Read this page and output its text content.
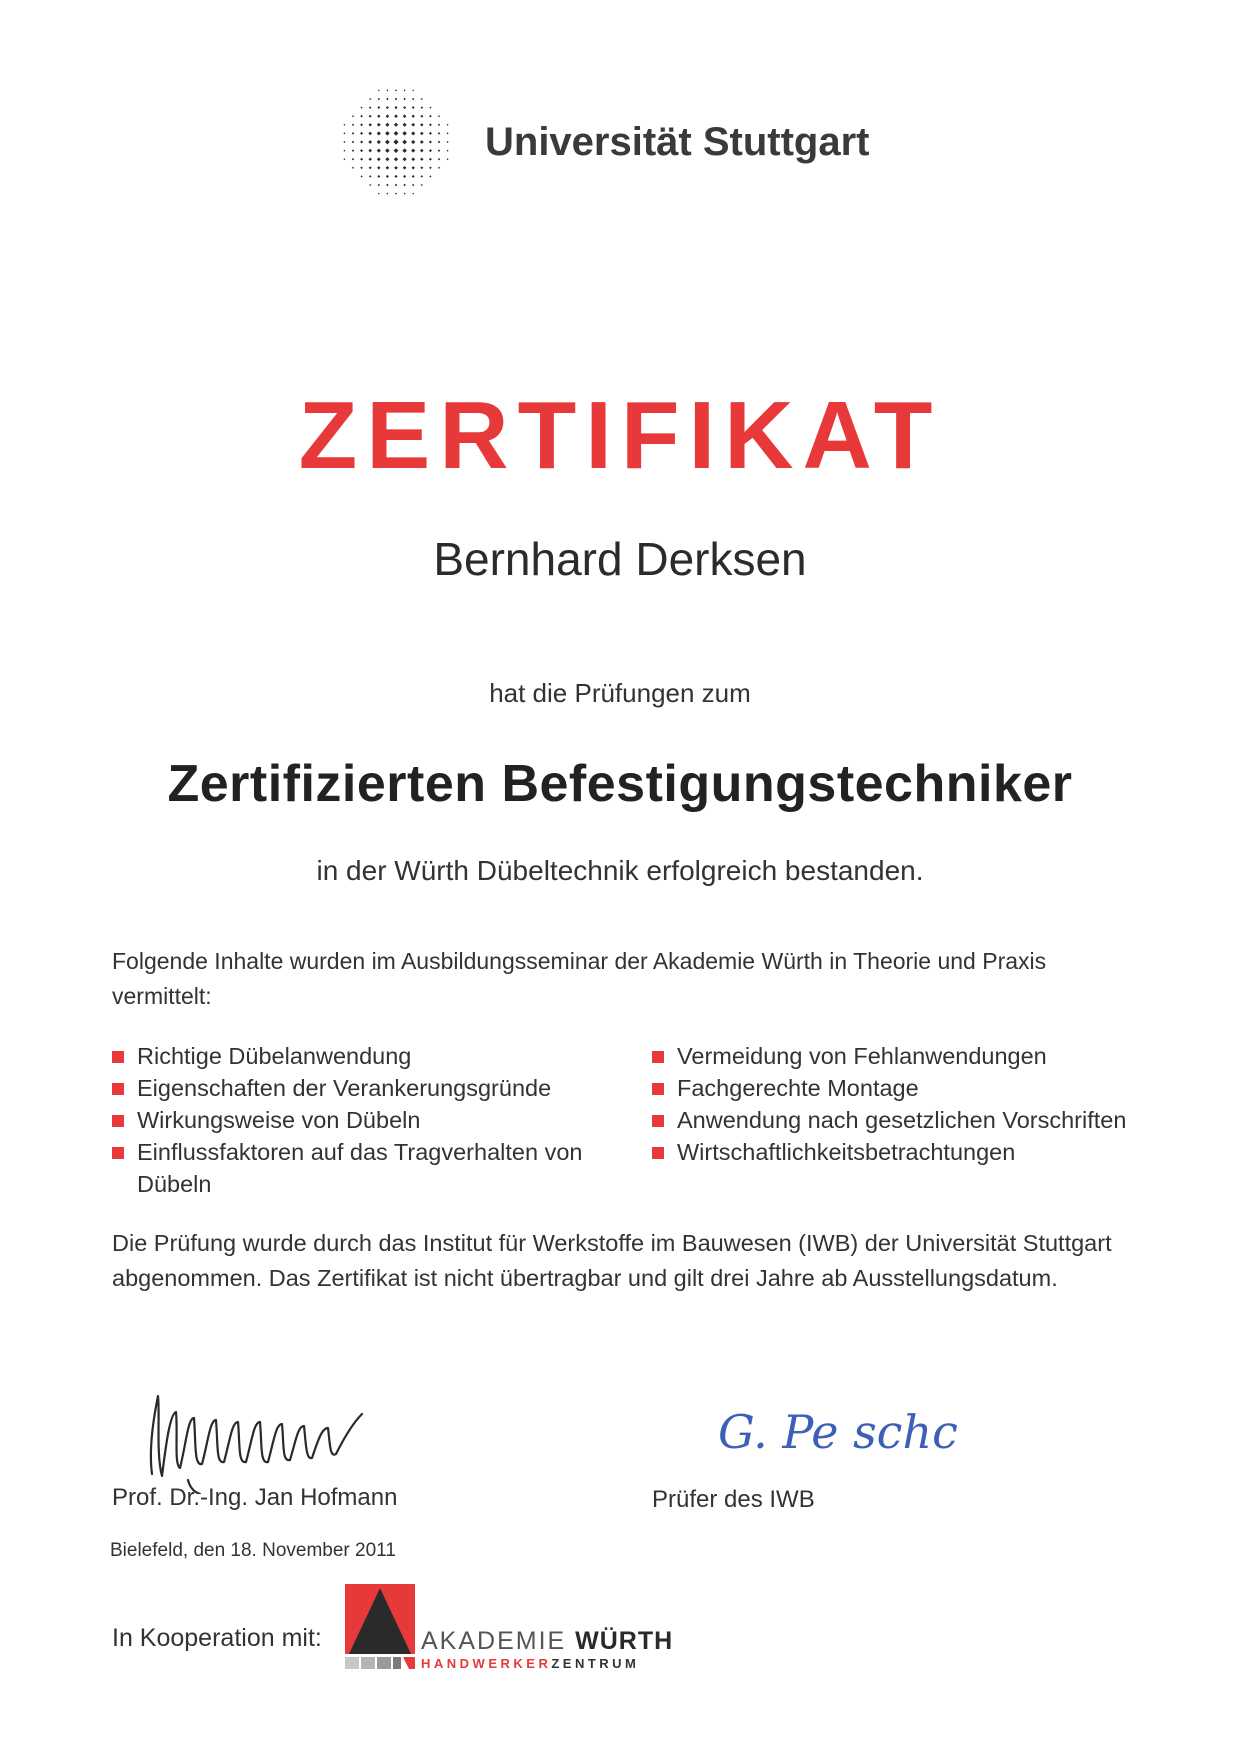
Universität Stuttgart
ZERTIFIKAT
Bernhard Derksen
hat die Prüfungen zum
Zertifizierten Befestigungstechniker
in der Würth Dübeltechnik erfolgreich bestanden.
Folgende Inhalte wurden im Ausbildungsseminar der Akademie Würth in Theorie und Praxis vermittelt:
Richtige Dübelanwendung
Eigenschaften der Verankerungsgründe
Wirkungsweise von Dübeln
Einflussfaktoren auf das Tragverhalten von Dübeln
Vermeidung von Fehlanwendungen
Fachgerechte Montage
Anwendung nach gesetzlichen Vorschriften
Wirtschaftlichkeitsbetrachtungen
Die Prüfung wurde durch das Institut für Werkstoffe im Bauwesen (IWB) der Universität Stuttgart abgenommen. Das Zertifikat ist nicht übertragbar und gilt drei Jahre ab Ausstellungsdatum.
G. Pe schc
Prof. Dr.-Ing. Jan Hofmann	Prüfer des IWB
Bielefeld, den 18. November 2011
In Kooperation mit:	AKADEMIE WÜRTH
HANDWERKERZENTRUM
